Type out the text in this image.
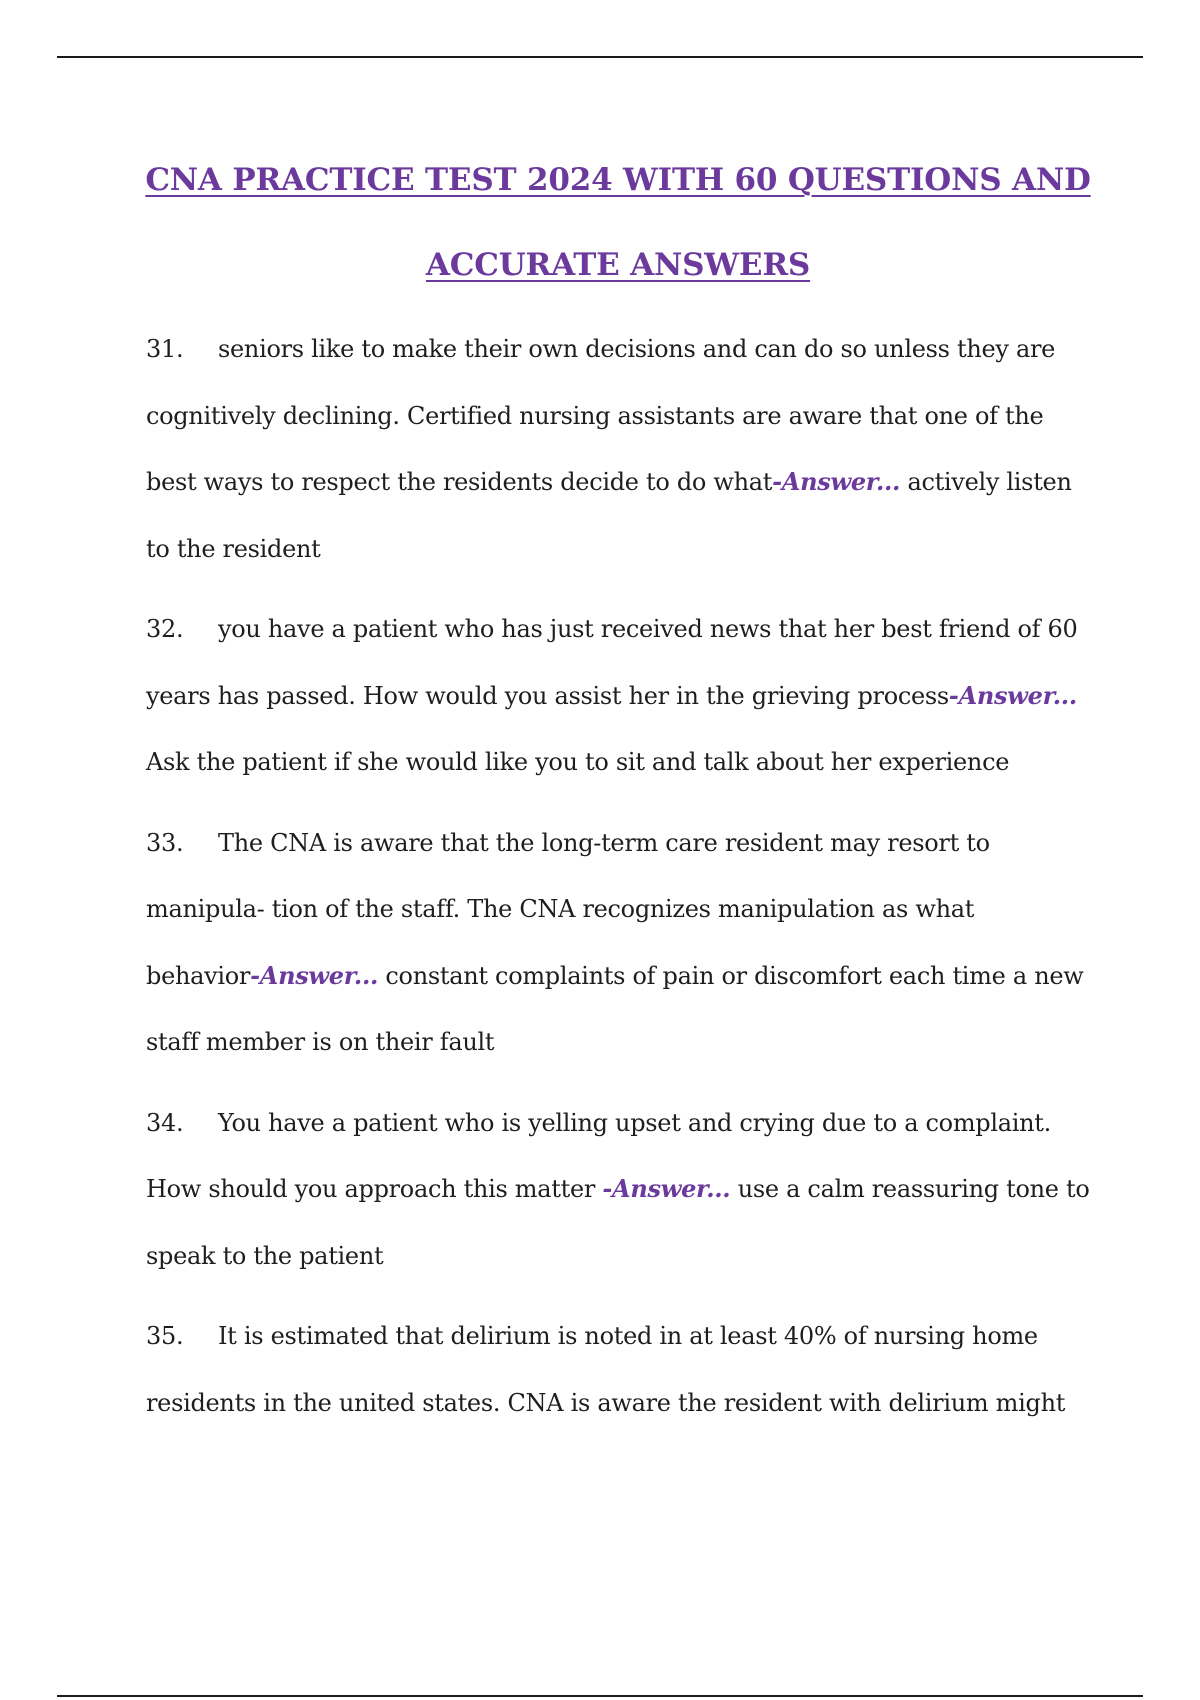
CNA PRACTICE TEST 2024 WITH 60 QUESTIONS AND
ACCURATE ANSWERS

31. seniors like to make their own decisions and can do so unless they are cognitively declining. Certified nursing assistants are aware that one of the best ways to respect the residents decide to do what-Answer... actively listen to the resident

32. you have a patient who has just received news that her best friend of 60 years has passed. How would you assist her in the grieving process-Answer... Ask the patient if she would like you to sit and talk about her experience

33. The CNA is aware that the long-term care resident may resort to manipula- tion of the staff. The CNA recognizes manipulation as what behavior-Answer... constant complaints of pain or discomfort each time a new staff member is on their fault

34. You have a patient who is yelling upset and crying due to a complaint. How should you approach this matter -Answer... use a calm reassuring tone to speak to the patient

35. It is estimated that delirium is noted in at least 40% of nursing home residents in the united states. CNA is aware the resident with delirium might
